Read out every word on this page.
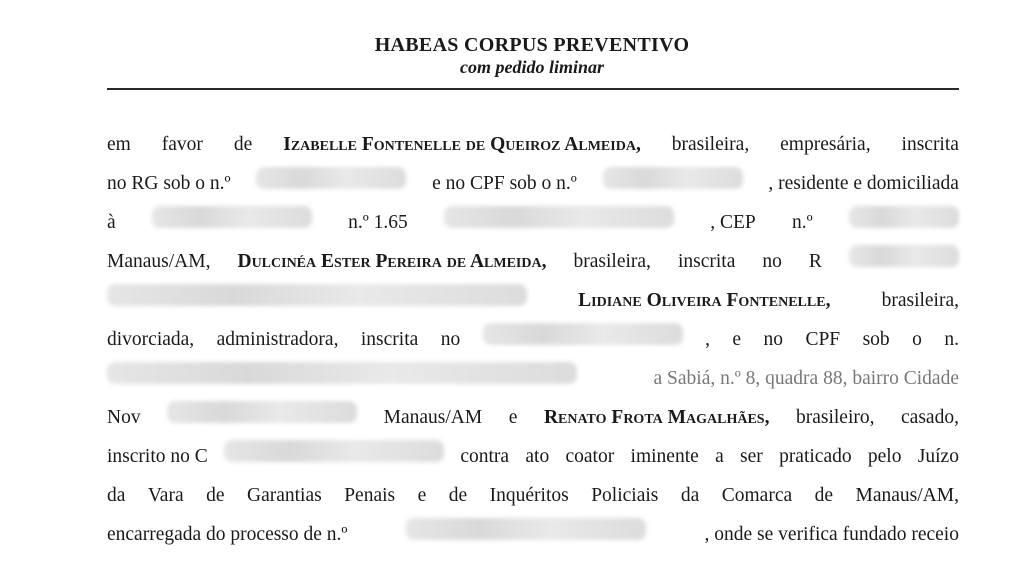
HABEAS CORPUS PREVENTIVO
com pedido liminar
em favor de Izabelle Fontenelle de Queiroz Almeida, brasileira, empresária, inscrita
no RG sob o n.º	e no CPF sob o n.º	, residente e domiciliada
à	n.º 1.65	, CEP n.º
Manaus/AM, Dulcinéa Ester Pereira de Almeida, brasileira, inscrita no R
Lidiane Oliveira Fontenelle,	brasileira,
divorciada, administradora, inscrita no	, e no CPF sob o n.
a Sabiá, n.º 8, quadra 88, bairro Cidade
Nov	Manaus/AM e Renato Frota Magalhães, brasileiro, casado,
inscrito no C	contra ato coator iminente a ser praticado pelo Juízo
da Vara de Garantias Penais e de Inquéritos Policiais da Comarca de Manaus/AM,
encarregada do processo de n.º	, onde se verifica fundado receio
